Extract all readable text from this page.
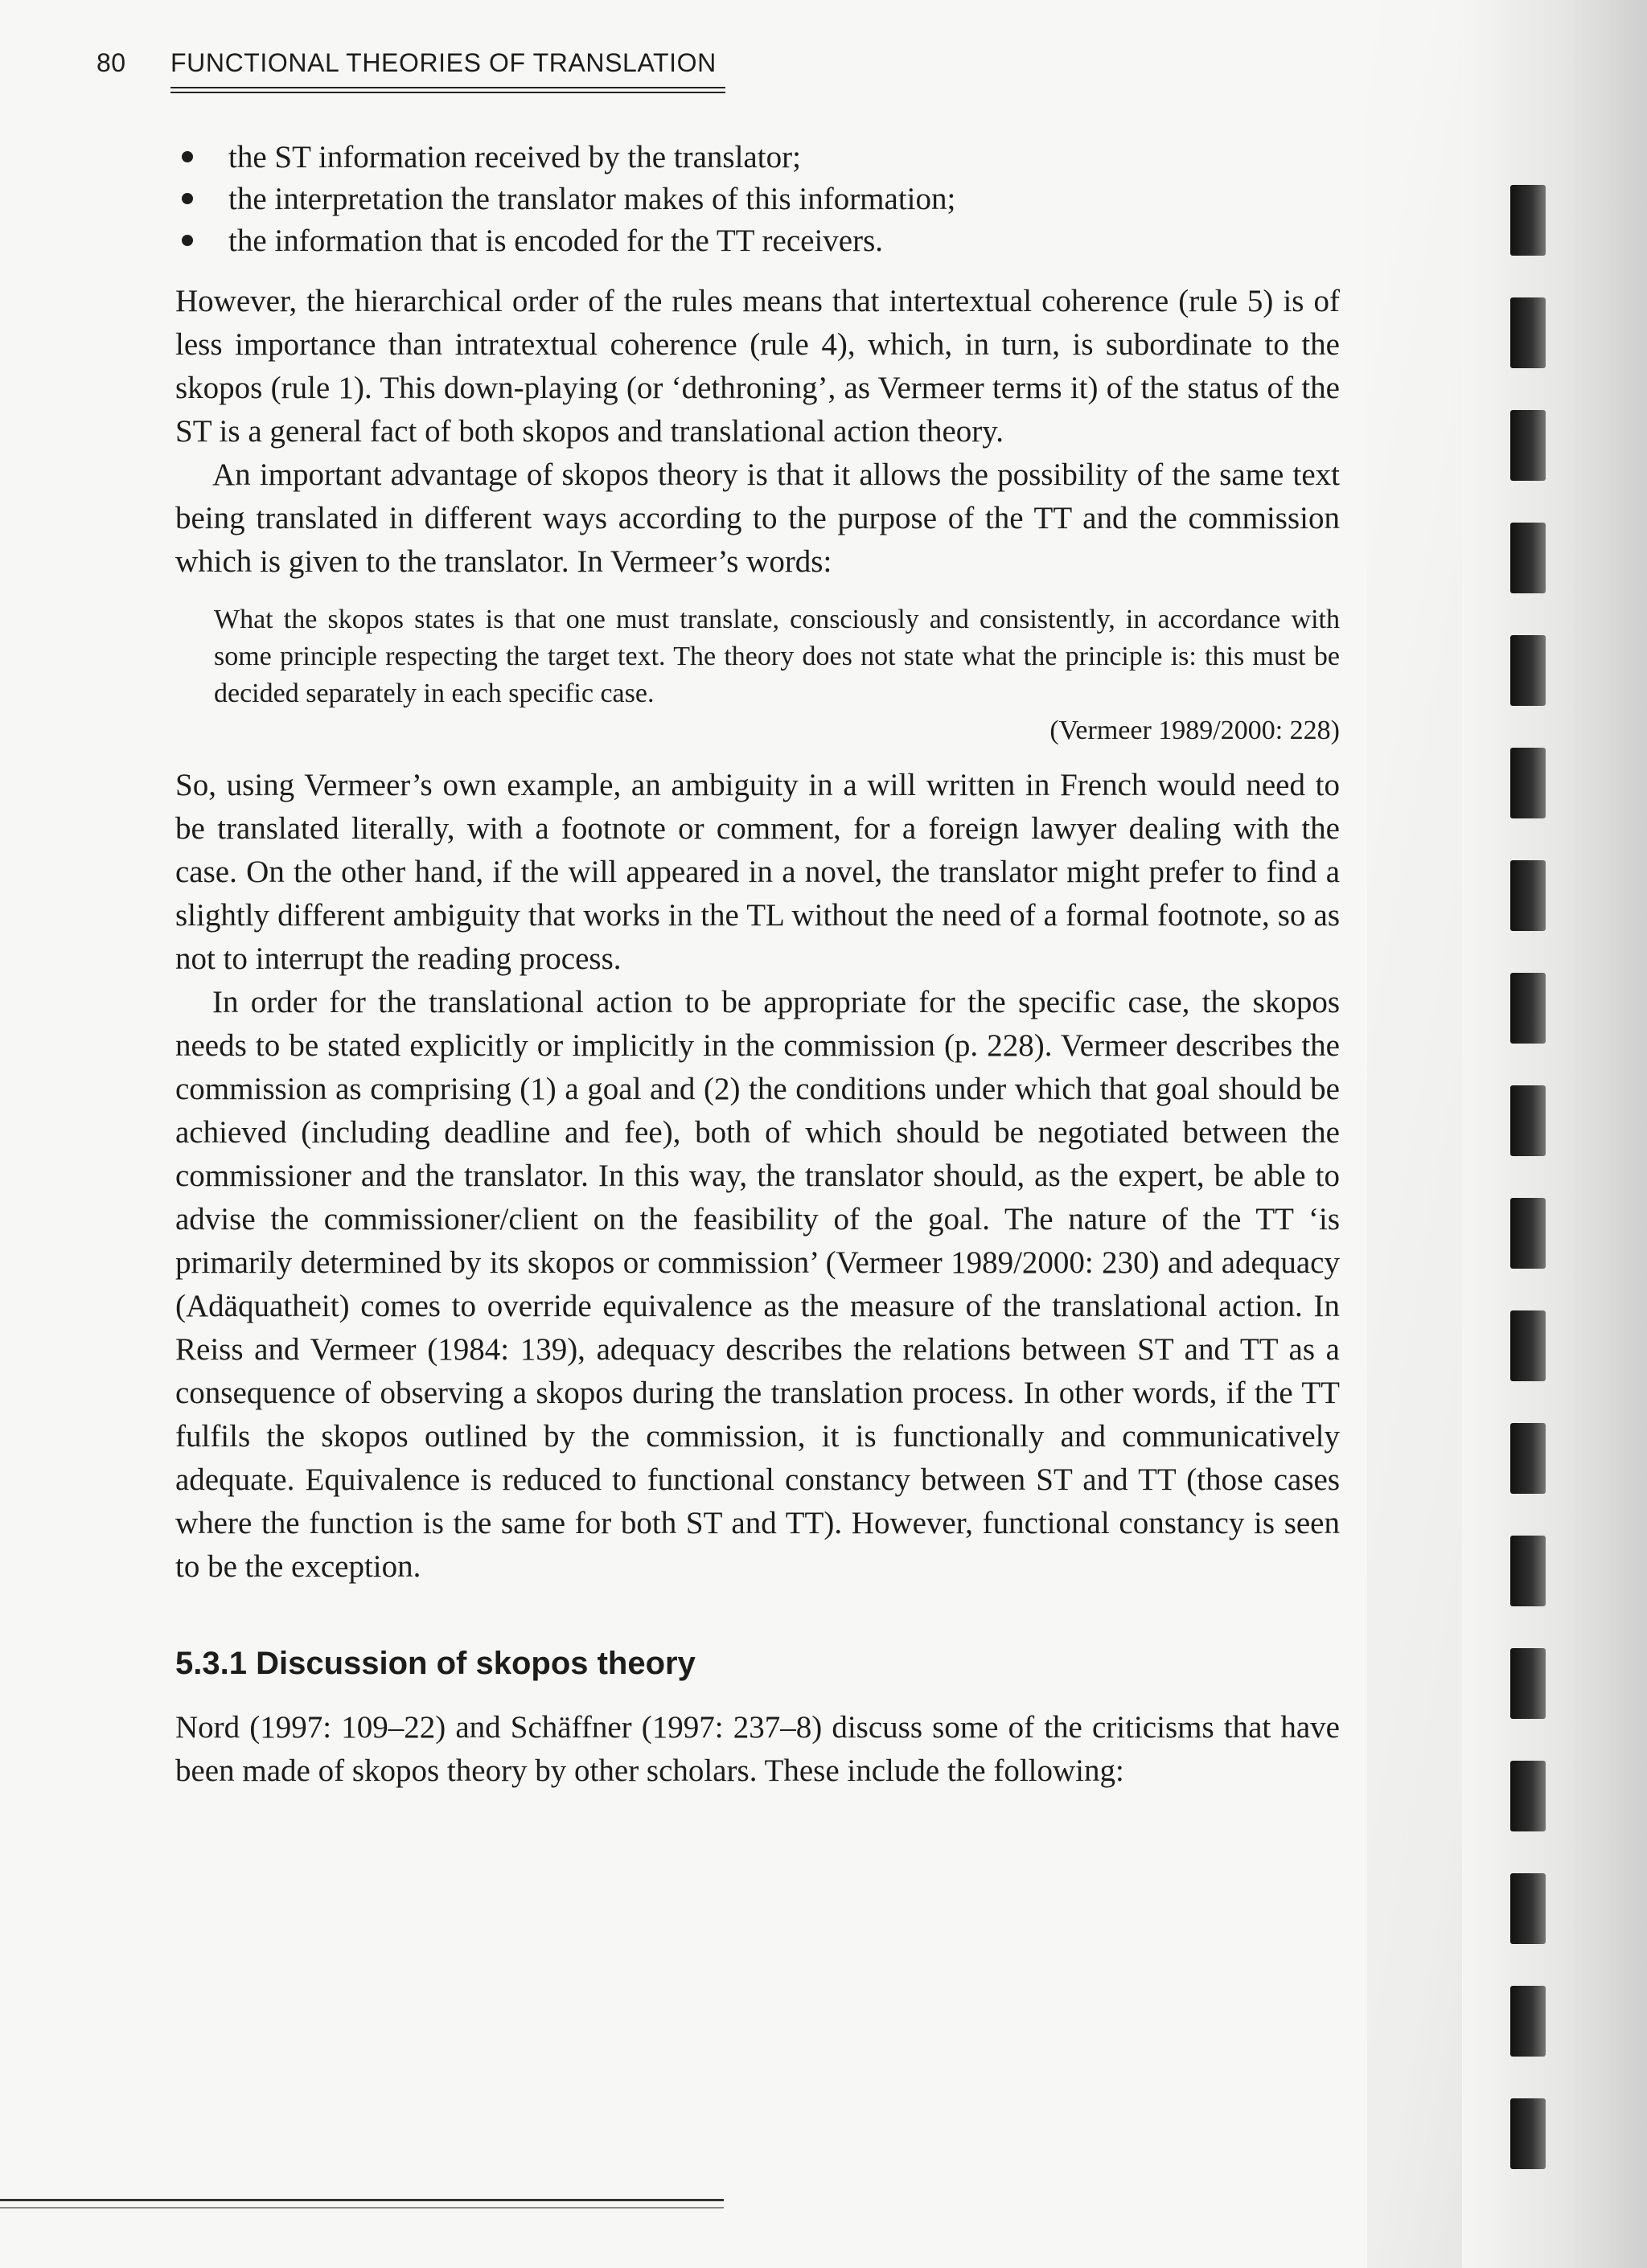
80 FUNCTIONAL THEORIES OF TRANSLATION
the ST information received by the translator;
the interpretation the translator makes of this information;
the information that is encoded for the TT receivers.

However, the hierarchical order of the rules means that intertextual coherence (rule 5) is of less importance than intratextual coherence (rule 4), which, in turn, is subordinate to the skopos (rule 1). This down-playing (or ‘dethroning’, as Vermeer terms it) of the status of the ST is a general fact of both skopos and translational action theory.

An important advantage of skopos theory is that it allows the possibility of the same text being translated in different ways according to the purpose of the TT and the commission which is given to the translator. In Vermeer’s words:

What the skopos states is that one must translate, consciously and consistently, in accordance with some principle respecting the target text. The theory does not state what the principle is: this must be decided separately in each specific case.

(Vermeer 1989/2000: 228)

So, using Vermeer’s own example, an ambiguity in a will written in French would need to be translated literally, with a footnote or comment, for a foreign lawyer dealing with the case. On the other hand, if the will appeared in a novel, the translator might prefer to find a slightly different ambiguity that works in the TL without the need of a formal footnote, so as not to interrupt the reading process.

In order for the translational action to be appropriate for the specific case, the skopos needs to be stated explicitly or implicitly in the commission (p. 228). Vermeer describes the commission as comprising (1) a goal and (2) the conditions under which that goal should be achieved (including deadline and fee), both of which should be negotiated between the commissioner and the translator. In this way, the translator should, as the expert, be able to advise the commissioner/client on the feasibility of the goal. The nature of the TT ‘is primarily determined by its skopos or commission’ (Vermeer 1989/2000: 230) and adequacy (Adäquatheit) comes to override equivalence as the measure of the translational action. In Reiss and Vermeer (1984: 139), adequacy describes the relations between ST and TT as a consequence of observing a skopos during the translation process. In other words, if the TT fulfils the skopos outlined by the commission, it is functionally and communicatively adequate. Equivalence is reduced to functional constancy between ST and TT (those cases where the function is the same for both ST and TT). However, functional constancy is seen to be the exception.

5.3.1 Discussion of skopos theory

Nord (1997: 109–22) and Schäffner (1997: 237–8) discuss some of the criticisms that have been made of skopos theory by other scholars. These include the following:
